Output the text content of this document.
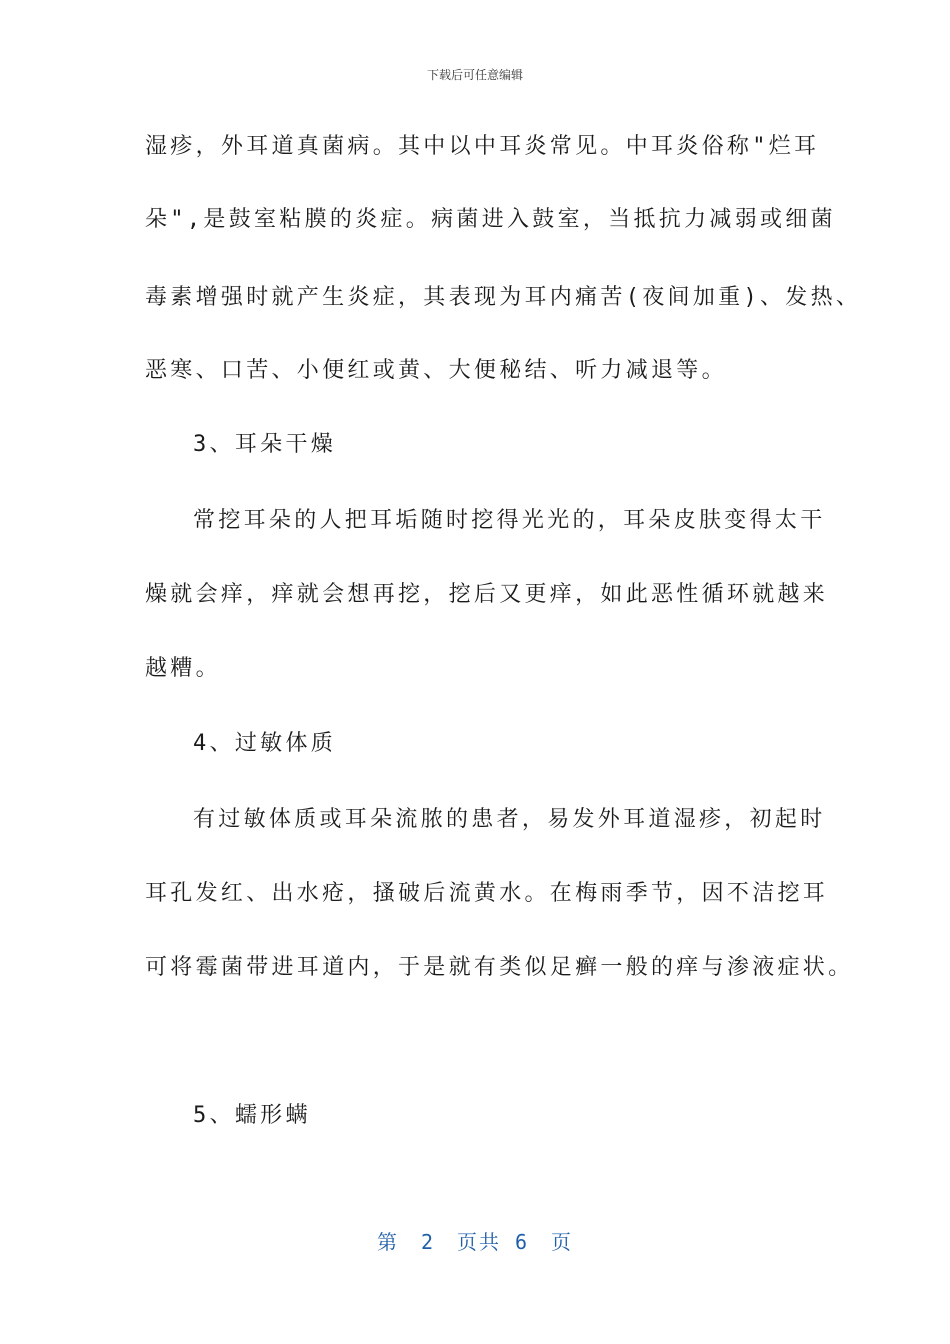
下载后可任意编辑
湿疹，外耳道真菌病。其中以中耳炎常见。中耳炎俗称"烂耳
朵",是鼓室粘膜的炎症。病菌进入鼓室，当抵抗力减弱或细菌
毒素增强时就产生炎症，其表现为耳内痛苦(夜间加重)、发热、
恶寒、口苦、小便红或黄、大便秘结、听力减退等。
3、耳朵干燥
常挖耳朵的人把耳垢随时挖得光光的，耳朵皮肤变得太干
燥就会痒，痒就会想再挖，挖后又更痒，如此恶性循环就越来
越糟。
4、过敏体质
有过敏体质或耳朵流脓的患者，易发外耳道湿疹，初起时
耳孔发红、出水疮，搔破后流黄水。在梅雨季节，因不洁挖耳
可将霉菌带进耳道内，于是就有类似足癣一般的痒与渗液症状。
5、蠕形螨
第 2 页共 6 页
